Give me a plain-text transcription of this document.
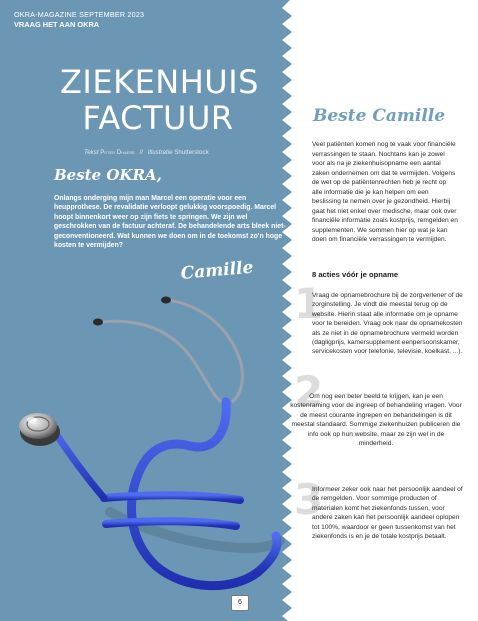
OKRA-MAGAZINE SEPTEMBER 2023
VRAAG HET AAN OKRA
ZIEKENHUIS
FACTUUR
Tekst Peter Dhaese // Illustratie Shutterstock
Beste OKRA,
Onlangs onderging mijn man Marcel een operatie voor een heupprothese. De revalidatie verloopt gelukkig voorspoedig. Marcel hoopt binnenkort weer op zijn fiets te springen. We zijn wel geschrokken van de factuur achteraf. De behandelende arts bleek niet-geconventioneerd. Wat kunnen we doen om in de toekomst zo'n hoge kosten te vermijden?
Camille
Beste Camille
Veel patiënten komen nog te vaak voor financiële verrassingen te staan. Nochtans kan je zowel voor als na je ziekenhuisopname een aantal zaken ondernemen om dat te vermijden. Volgens de wet op de patiëntenrechten heb je recht op alle informatie die je kan helpen om een beslissing te nemen over je gezondheid. Hierbij gaat het niet enkel over medische, maar ook over financiële informatie zoals kostprijs, remgelden en supplementen. We sommen hier op wat je kan doen om financiële verrassingen te vermijden.
8 acties vóór je opname
1
2
3
Vraag de opnamebrochure bij de zorgverlener of de zorginstelling. Je vindt die meestal terug op de website. Hierin staat alle informatie om je opname voor te bereiden. Vraag ook naar de opnamekosten als ze niet in de opnamebrochure vermeld worden (dagligprijs, kamersupplement eenpersoonskamer, servicekosten voor telefonie, televisie, koelkast, ...).
Om nog een beter beeld te krijgen, kan je een kostenraming voor de ingreep of behandeling vragen. Voor de meest courante ingrepen en behandelingen is dit meestal standaard. Sommige ziekenhuizen publiceren die info ook op hun website, maar ze zijn wel in de minderheid.
Informeer zeker ook naar het persoonlijk aandeel of de remgelden. Voor sommige producten of materialen komt het ziekenfonds tussen, voor andere zaken kan het persoonlijk aandeel oplopen tot 100%, waardoor er geen tussenkomst van het ziekenfonds is en je de totale kostprijs betaalt.
6
